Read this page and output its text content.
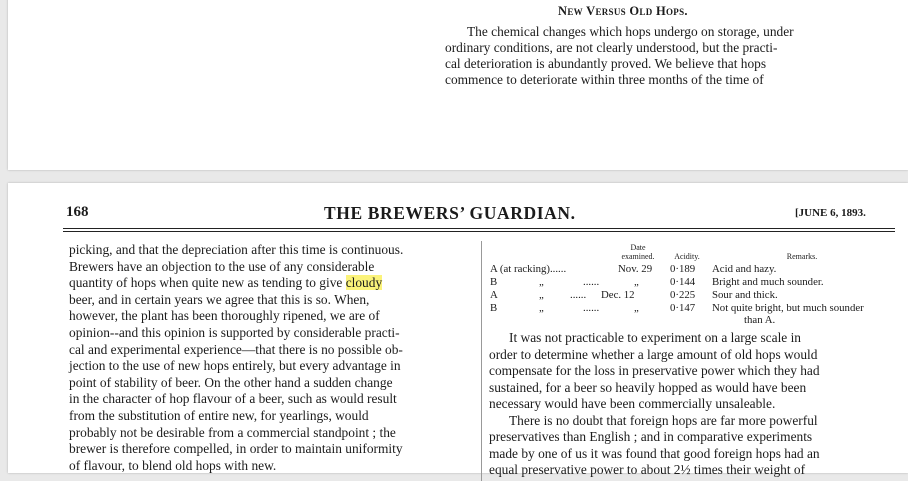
New Versus Old Hops.
The chemical changes which hops undergo on storage, under
ordinary conditions, are not clearly understood, but the practi-
cal deterioration is abundantly proved. We believe that hops
commence to deteriorate within three months of the time of
168	THE BREWERS’ GUARDIAN.	[JUNE 6, 1893.
picking, and that the depreciation after this time is continuous.
Brewers have an objection to the use of any considerable
quantity of hops when quite new as tending to give cloudy
beer, and in certain years we agree that this is so. When,
however, the plant has been thoroughly ripened, we are of
opinion--and this opinion is supported by considerable practi-
cal and experimental experience—that there is no possible ob-
jection to the use of new hops entirely, but every advantage in
point of stability of beer. On the other hand a sudden change
in the character of hop flavour of a beer, such as would result
from the substitution of entire new, for yearlings, would
probably not be desirable from a commercial standpoint ; the
brewer is therefore compelled, in order to maintain uniformity
of flavour, to blend old hops with new.
Date
examined.	Acidity.	Remarks.
A (at racking)......	Nov. 29 0·189 Acid and hazy.
B	„	......	„	0·144 Bright and much sounder.
A	„ ...... Dec. 12	0·225 Sour and thick.
B	„	......	„	0·147 Not quite bright, but much sounder
than A.
It was not practicable to experiment on a large scale in
order to determine whether a large amount of old hops would
compensate for the loss in preservative power which they had
sustained, for a beer so heavily hopped as would have been
necessary would have been commercially unsaleable.
There is no doubt that foreign hops are far more powerful
preservatives than English ; and in comparative experiments
made by one of us it was found that good foreign hops had an
equal preservative power to about 2½ times their weight of
